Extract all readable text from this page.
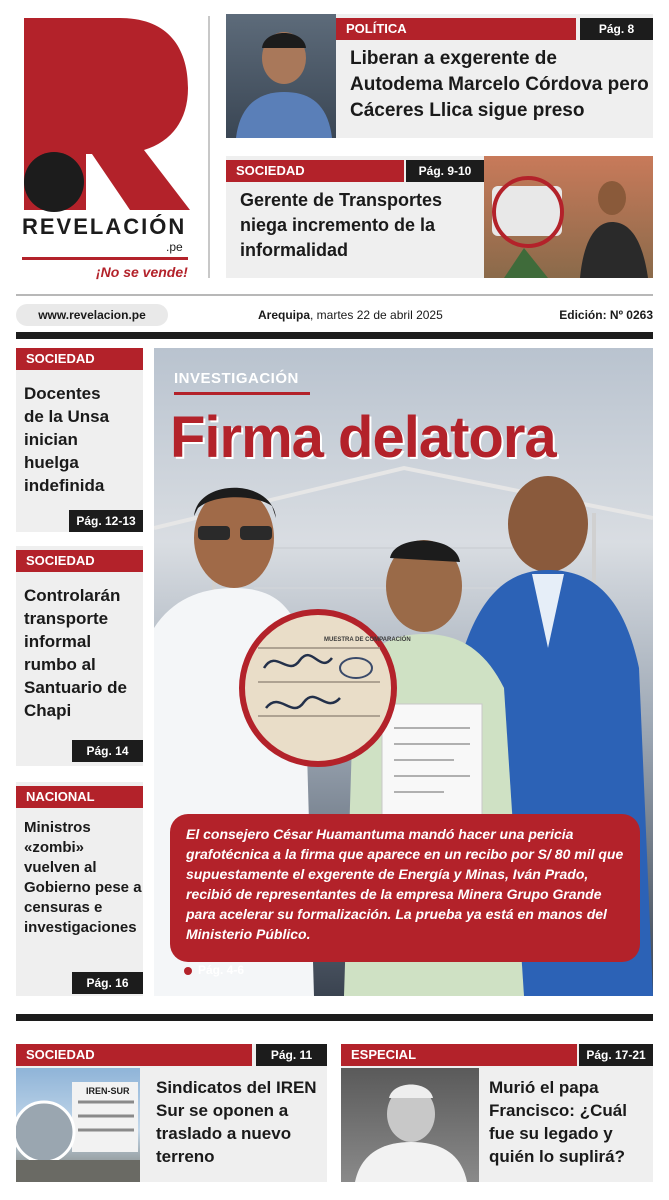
REVELACIÓN
.pe
¡No se vende!
POLÍTICA	Pág. 8
Liberan a exgerente de Autodema Marcelo Córdova pero Cáceres Llica sigue preso
SOCIEDAD	Pág. 9-10
Gerente de Transportes niega incremento de la informalidad
www.revelacion.pe	Arequipa, martes 22 de abril 2025	Edición: Nº 0263
SOCIEDAD
Docentes de la Unsa inician huelga indefinida
Pág. 12-13
SOCIEDAD
Controlarán transporte informal rumbo al Santuario de Chapi
Pág. 14
NACIONAL
Ministros «zombi» vuelven al Gobierno pese a censuras e investigaciones
Pág. 16
MUESTRA DE COMPARACIÓN
INVESTIGACIÓN
Firma delatora
El consejero César Huamantuma mandó hacer una pericia grafotécnica a la firma que aparece en un recibo por S/ 80 mil que supuestamente el exgerente de Energía y Minas, Iván Prado, recibió de representantes de la empresa Minera Grupo Grande para acelerar su formalización. La prueba ya está en manos del Ministerio Público.
Pág. 4-6
SOCIEDAD	Pág. 11
IREN-SUR Sindicatos del IREN Sur se oponen a traslado a nuevo terreno
ESPECIAL	Pág. 17-21
Murió el papa Francisco: ¿Cuál fue su legado y quién lo suplirá?
